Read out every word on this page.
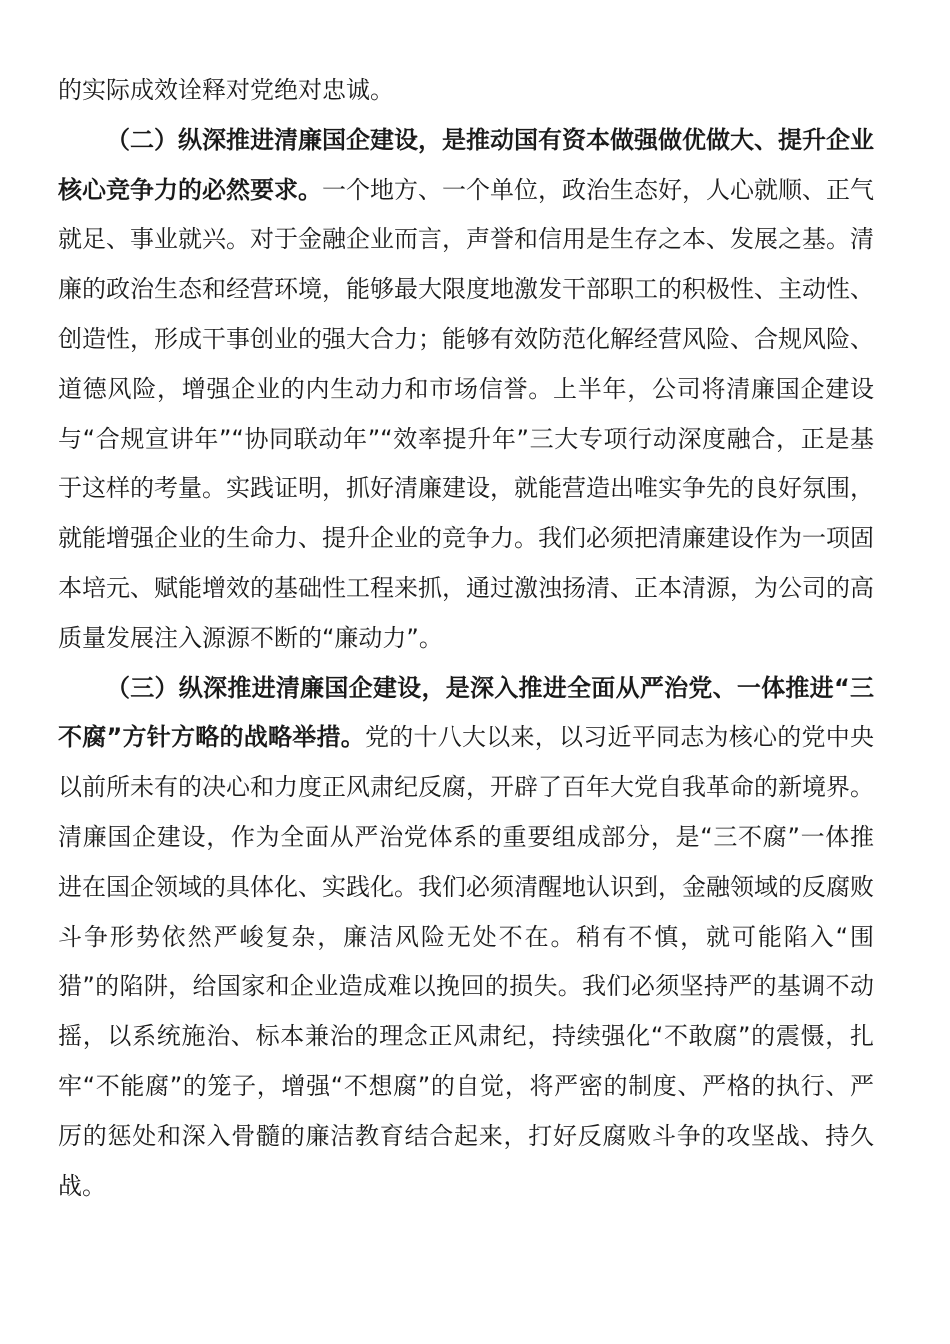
的实际成效诠释对党绝对忠诚。

（二）纵深推进清廉国企建设，是推动国有资本做强做优做大、提升企业核心竞争力的必然要求。一个地方、一个单位，政治生态好，人心就顺、正气就足、事业就兴。对于金融企业而言，声誉和信用是生存之本、发展之基。清廉的政治生态和经营环境，能够最大限度地激发干部职工的积极性、主动性、创造性，形成干事创业的强大合力；能够有效防范化解经营风险、合规风险、道德风险，增强企业的内生动力和市场信誉。上半年，公司将清廉国企建设与“合规宣讲年”“协同联动年”“效率提升年”三大专项行动深度融合，正是基于这样的考量。实践证明，抓好清廉建设，就能营造出唯实争先的良好氛围，就能增强企业的生命力、提升企业的竞争力。我们必须把清廉建设作为一项固本培元、赋能增效的基础性工程来抓，通过激浊扬清、正本清源，为公司的高质量发展注入源源不断的“廉动力”。

（三）纵深推进清廉国企建设，是深入推进全面从严治党、一体推进“三不腐”方针方略的战略举措。党的十八大以来，以习近平同志为核心的党中央以前所未有的决心和力度正风肃纪反腐，开辟了百年大党自我革命的新境界。清廉国企建设，作为全面从严治党体系的重要组成部分，是“三不腐”一体推进在国企领域的具体化、实践化。我们必须清醒地认识到，金融领域的反腐败斗争形势依然严峻复杂，廉洁风险无处不在。稍有不慎，就可能陷入“围猎”的陷阱，给国家和企业造成难以挽回的损失。我们必须坚持严的基调不动摇，以系统施治、标本兼治的理念正风肃纪，持续强化“不敢腐”的震慑，扎牢“不能腐”的笼子，增强“不想腐”的自觉，将严密的制度、严格的执行、严厉的惩处和深入骨髓的廉洁教育结合起来，打好反腐败斗争的攻坚战、持久战。
